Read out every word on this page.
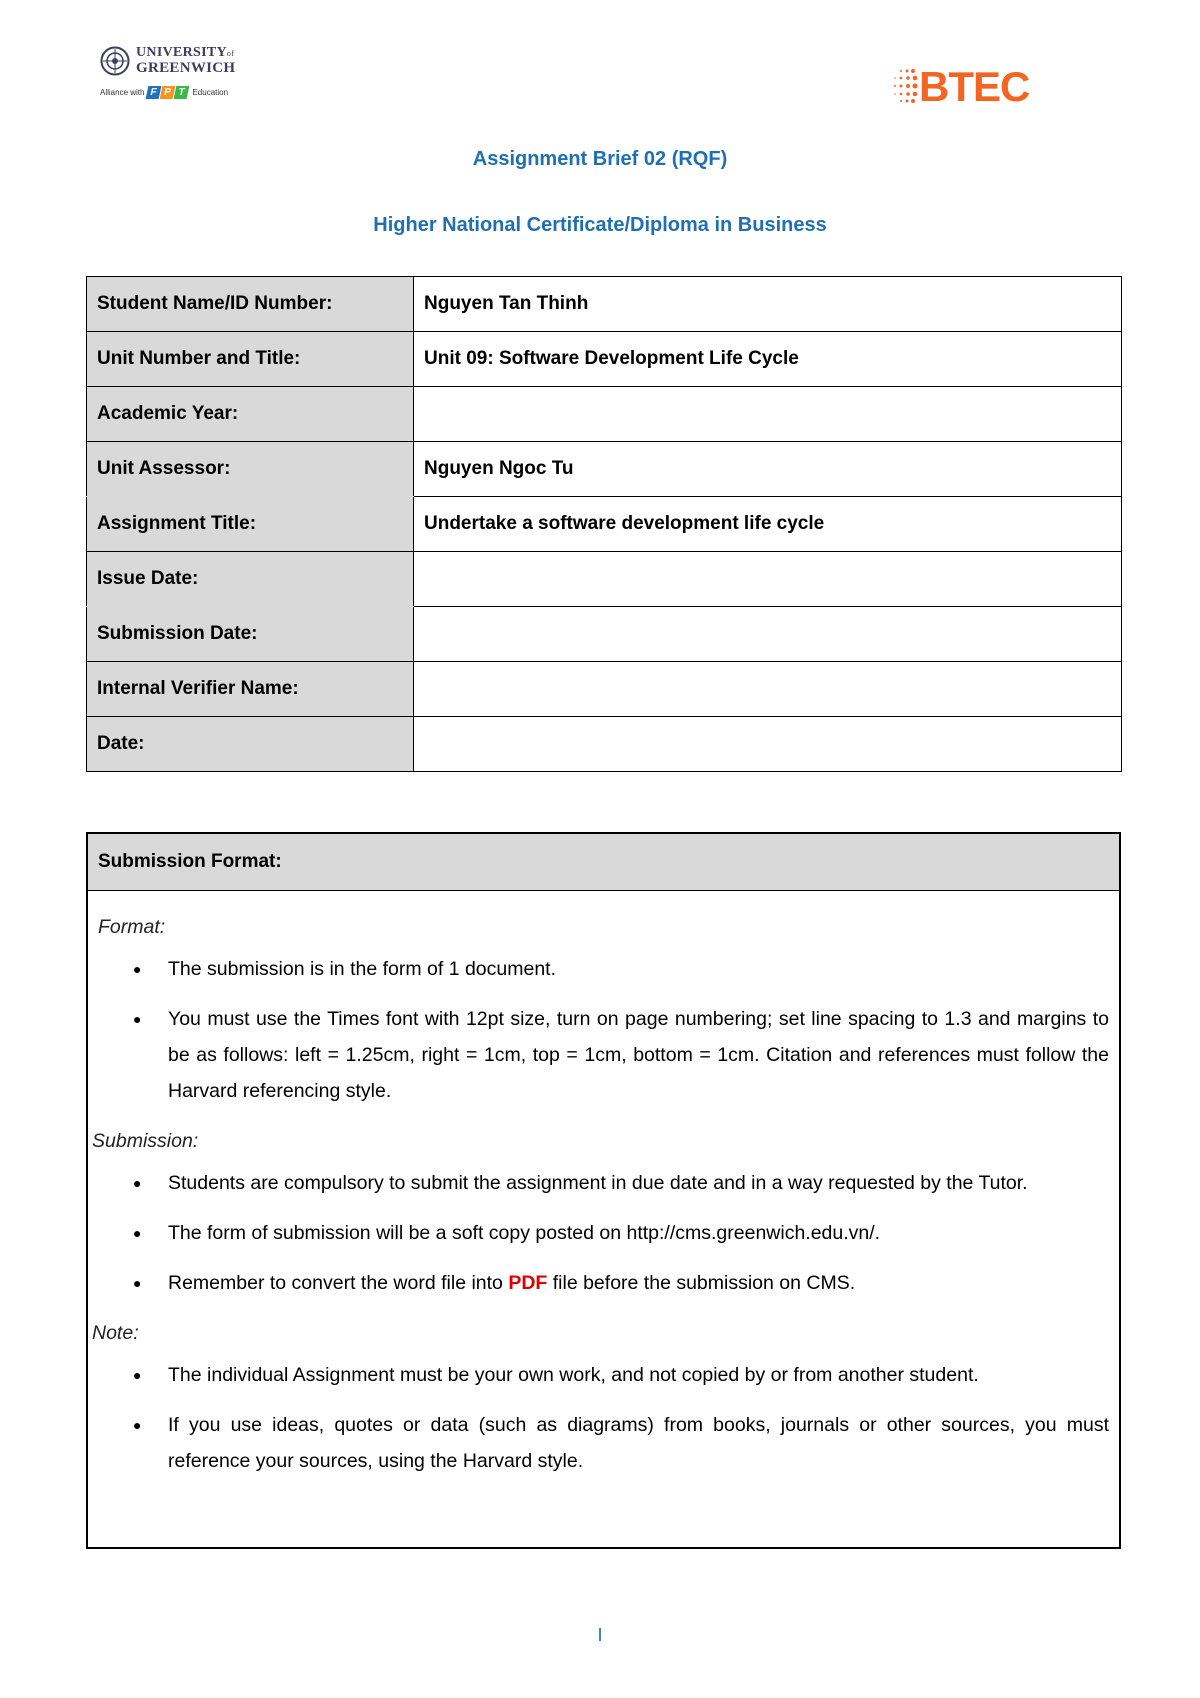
UNIVERSITYof
GREENWICH
Alliance with F P T Education	BTEC
Assignment Brief 02 (RQF)
Higher National Certificate/Diploma in Business
Student Name/ID Number:	Nguyen Tan Thinh
Unit Number and Title:	Unit 09: Software Development Life Cycle
Academic Year:	
Unit Assessor:	Nguyen Ngoc Tu
Assignment Title:	Undertake a software development life cycle
Issue Date:	
Submission Date:	
Internal Verifier Name:	
Date:	
Submission Format:
Format:
● The submission is in the form of 1 document.
● You must use the Times font with 12pt size, turn on page numbering; set line spacing to 1.3 and margins to be as follows: left = 1.25cm, right = 1cm, top = 1cm, bottom = 1cm. Citation and references must follow the Harvard referencing style.
Submission:
● Students are compulsory to submit the assignment in due date and in a way requested by the Tutor.
● The form of submission will be a soft copy posted on http://cms.greenwich.edu.vn/.
● Remember to convert the word file into PDF file before the submission on CMS.
Note:
● The individual Assignment must be your own work, and not copied by or from another student.
● If you use ideas, quotes or data (such as diagrams) from books, journals or other sources, you must reference your sources, using the Harvard style.
I
